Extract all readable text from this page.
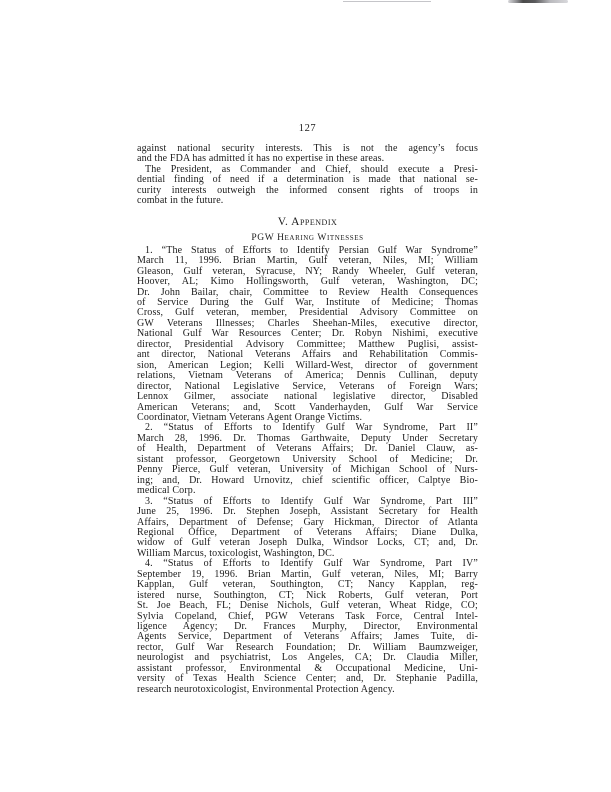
127
against national security interests. This is not the agency’s focus
and the FDA has admitted it has no expertise in these areas.
The President, as Commander and Chief, should execute a Presi-
dential finding of need if a determination is made that national se-
curity interests outweigh the informed consent rights of troops in
combat in the future.
V. Appendix
PGW Hearing Witnesses
1. “The Status of Efforts to Identify Persian Gulf War Syndrome”
March 11, 1996. Brian Martin, Gulf veteran, Niles, MI; William
Gleason, Gulf veteran, Syracuse, NY; Randy Wheeler, Gulf veteran,
Hoover, AL; Kimo Hollingsworth, Gulf veteran, Washington, DC;
Dr. John Bailar, chair, Committee to Review Health Consequences
of Service During the Gulf War, Institute of Medicine; Thomas
Cross, Gulf veteran, member, Presidential Advisory Committee on
GW Veterans Illnesses; Charles Sheehan-Miles, executive director,
National Gulf War Resources Center; Dr. Robyn Nishimi, executive
director, Presidential Advisory Committee; Matthew Puglisi, assist-
ant director, National Veterans Affairs and Rehabilitation Commis-
sion, American Legion; Kelli Willard-West, director of government
relations, Vietnam Veterans of America; Dennis Cullinan, deputy
director, National Legislative Service, Veterans of Foreign Wars;
Lennox Gilmer, associate national legislative director, Disabled
American Veterans; and, Scott Vanderhayden, Gulf War Service
Coordinator, Vietnam Veterans Agent Orange Victims.
2. “Status of Efforts to Identify Gulf War Syndrome, Part II”
March 28, 1996. Dr. Thomas Garthwaite, Deputy Under Secretary
of Health, Department of Veterans Affairs; Dr. Daniel Clauw, as-
sistant professor, Georgetown University School of Medicine; Dr.
Penny Pierce, Gulf veteran, University of Michigan School of Nurs-
ing; and, Dr. Howard Urnovitz, chief scientific officer, Calptye Bio-
medical Corp.
3. “Status of Efforts to Identify Gulf War Syndrome, Part III”
June 25, 1996. Dr. Stephen Joseph, Assistant Secretary for Health
Affairs, Department of Defense; Gary Hickman, Director of Atlanta
Regional Office, Department of Veterans Affairs; Diane Dulka,
widow of Gulf veteran Joseph Dulka, Windsor Locks, CT; and, Dr.
William Marcus, toxicologist, Washington, DC.
4. “Status of Efforts to Identify Gulf War Syndrome, Part IV”
September 19, 1996. Brian Martin, Gulf veteran, Niles, MI; Barry
Kapplan, Gulf veteran, Southington, CT; Nancy Kapplan, reg-
istered nurse, Southington, CT; Nick Roberts, Gulf veteran, Port
St. Joe Beach, FL; Denise Nichols, Gulf veteran, Wheat Ridge, CO;
Sylvia Copeland, Chief, PGW Veterans Task Force, Central Intel-
ligence Agency; Dr. Frances Murphy, Director, Environmental
Agents Service, Department of Veterans Affairs; James Tuite, di-
rector, Gulf War Research Foundation; Dr. William Baumzweiger,
neurologist and psychiatrist, Los Angeles, CA; Dr. Claudia Miller,
assistant professor, Environmental & Occupational Medicine, Uni-
versity of Texas Health Science Center; and, Dr. Stephanie Padilla,
research neurotoxicologist, Environmental Protection Agency.
